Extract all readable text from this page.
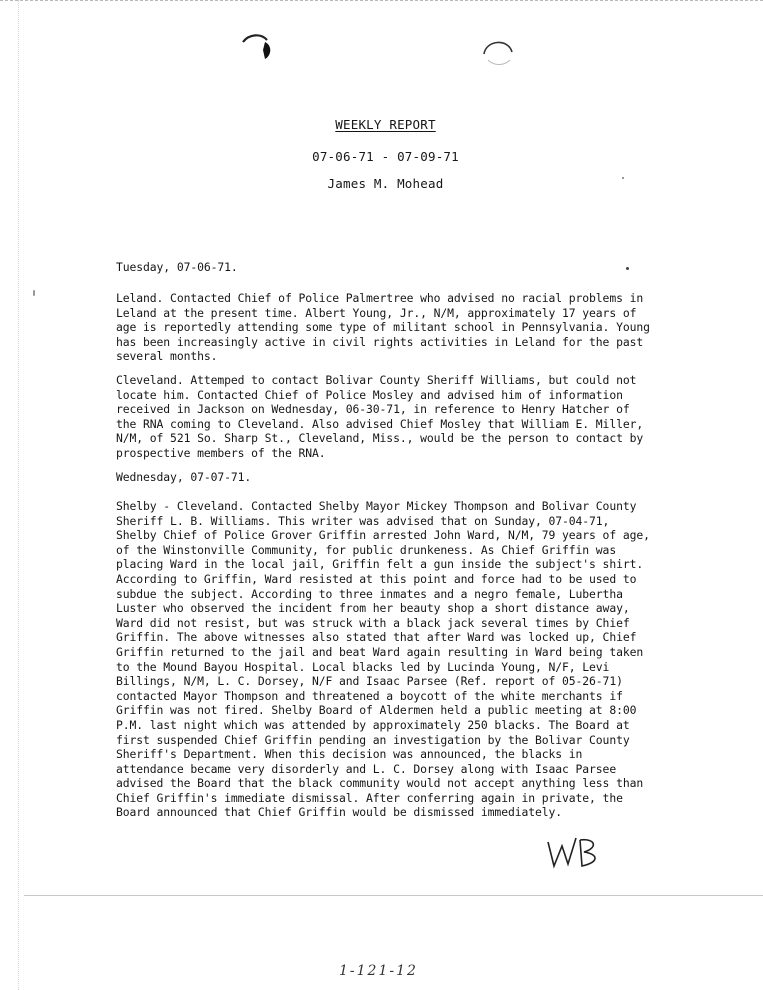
WEEKLY REPORT
07-06-71 - 07-09-71
James M. Mohead

Tuesday, 07-06-71.

Leland. Contacted Chief of Police Palmertree who advised no racial problems in Leland at the present time. Albert Young, Jr., N/M, approximately 17 years of age is reportedly attending some type of militant school in Pennsylvania. Young has been increasingly active in civil rights activities in Leland for the past several months.

Cleveland. Attemped to contact Bolivar County Sheriff Williams, but could not locate him. Contacted Chief of Police Mosley and advised him of information received in Jackson on Wednesday, 06-30-71, in reference to Henry Hatcher of the RNA coming to Cleveland. Also advised Chief Mosley that William E. Miller, N/M, of 521 So. Sharp St., Cleveland, Miss., would be the person to contact by prospective members of the RNA.

Wednesday, 07-07-71.

Shelby - Cleveland. Contacted Shelby Mayor Mickey Thompson and Bolivar County Sheriff L. B. Williams. This writer was advised that on Sunday, 07-04-71, Shelby Chief of Police Grover Griffin arrested John Ward, N/M, 79 years of age, of the Winstonville Community, for public drunkeness. As Chief Griffin was placing Ward in the local jail, Griffin felt a gun inside the subject's shirt. According to Griffin, Ward resisted at this point and force had to be used to subdue the subject. According to three inmates and a negro female, Lubertha Luster who observed the incident from her beauty shop a short distance away, Ward did not resist, but was struck with a black jack several times by Chief Griffin. The above witnesses also stated that after Ward was locked up, Chief Griffin returned to the jail and beat Ward again resulting in Ward being taken to the Mound Bayou Hospital. Local blacks led by Lucinda Young, N/F, Levi Billings, N/M, L. C. Dorsey, N/F and Isaac Parsee (Ref. report of 05-26-71) contacted Mayor Thompson and threatened a boycott of the white merchants if Griffin was not fired. Shelby Board of Aldermen held a public meeting at 8:00 P.M. last night which was attended by approximately 250 blacks. The Board at first suspended Chief Griffin pending an investigation by the Bolivar County Sheriff's Department. When this decision was announced, the blacks in attendance became very disorderly and L. C. Dorsey along with Isaac Parsee advised the Board that the black community would not accept anything less than Chief Griffin's immediate dismissal. After conferring again in private, the Board announced that Chief Griffin would be dismissed immediately.

WB
1-121-12
